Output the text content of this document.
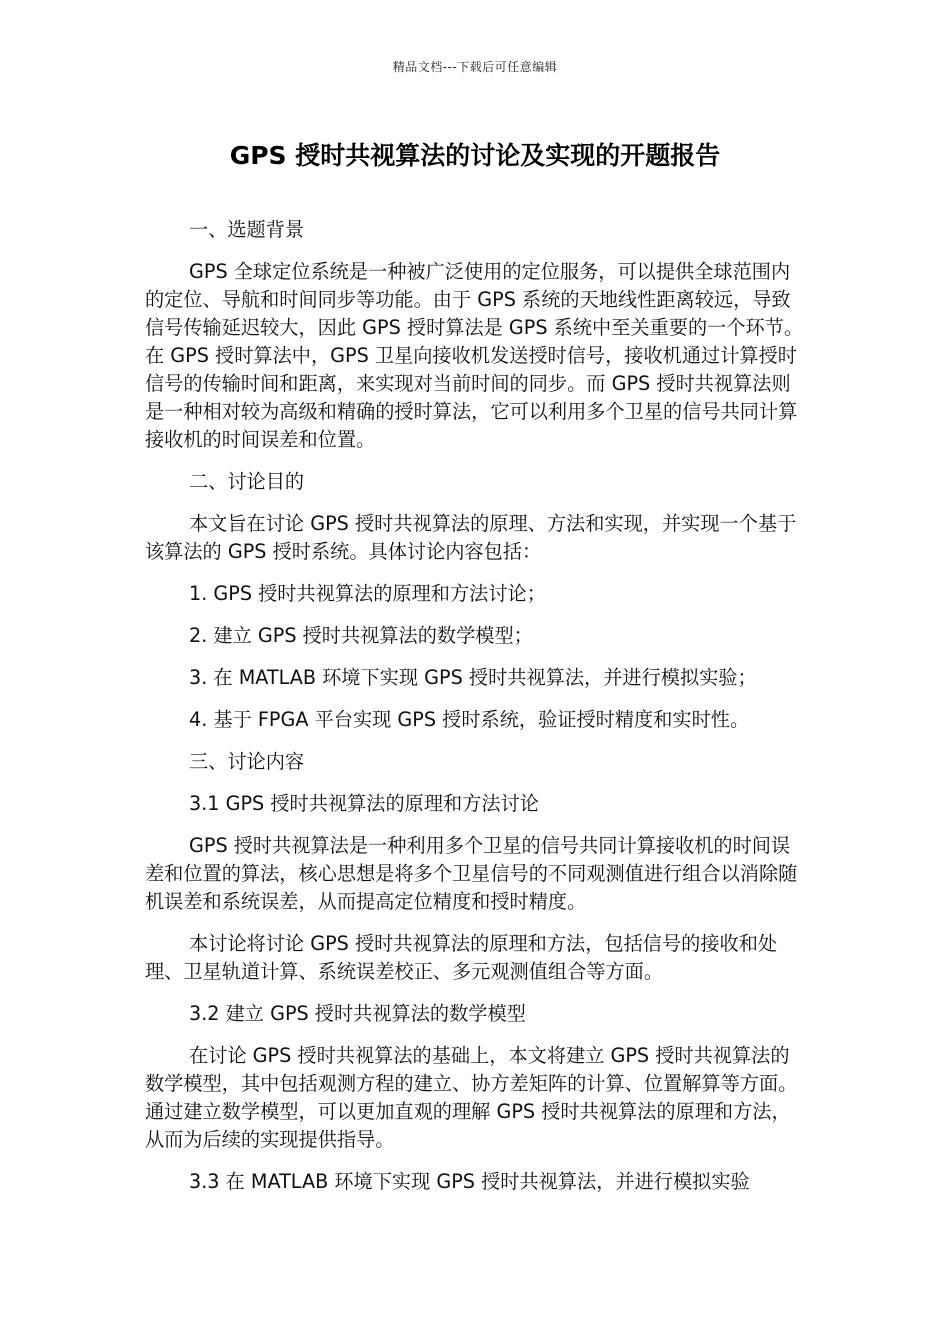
精品文档---下载后可任意编辑
GPS 授时共视算法的讨论及实现的开题报告

一、选题背景

GPS 全球定位系统是一种被广泛使用的定位服务，可以提供全球范围内的定位、导航和时间同步等功能。由于 GPS 系统的天地线性距离较远，导致信号传输延迟较大，因此 GPS 授时算法是 GPS 系统中至关重要的一个环节。在 GPS 授时算法中，GPS 卫星向接收机发送授时信号，接收机通过计算授时信号的传输时间和距离，来实现对当前时间的同步。而 GPS 授时共视算法则是一种相对较为高级和精确的授时算法，它可以利用多个卫星的信号共同计算接收机的时间误差和位置。

二、讨论目的

本文旨在讨论 GPS 授时共视算法的原理、方法和实现，并实现一个基于该算法的 GPS 授时系统。具体讨论内容包括：

1. GPS 授时共视算法的原理和方法讨论；

2. 建立 GPS 授时共视算法的数学模型；

3. 在 MATLAB 环境下实现 GPS 授时共视算法，并进行模拟实验；

4. 基于 FPGA 平台实现 GPS 授时系统，验证授时精度和实时性。

三、讨论内容

3.1 GPS 授时共视算法的原理和方法讨论

GPS 授时共视算法是一种利用多个卫星的信号共同计算接收机的时间误差和位置的算法，核心思想是将多个卫星信号的不同观测值进行组合以消除随机误差和系统误差，从而提高定位精度和授时精度。

本讨论将讨论 GPS 授时共视算法的原理和方法，包括信号的接收和处理、卫星轨道计算、系统误差校正、多元观测值组合等方面。

3.2 建立 GPS 授时共视算法的数学模型

在讨论 GPS 授时共视算法的基础上，本文将建立 GPS 授时共视算法的数学模型，其中包括观测方程的建立、协方差矩阵的计算、位置解算等方面。通过建立数学模型，可以更加直观的理解 GPS 授时共视算法的原理和方法，从而为后续的实现提供指导。

3.3 在 MATLAB 环境下实现 GPS 授时共视算法，并进行模拟实验
